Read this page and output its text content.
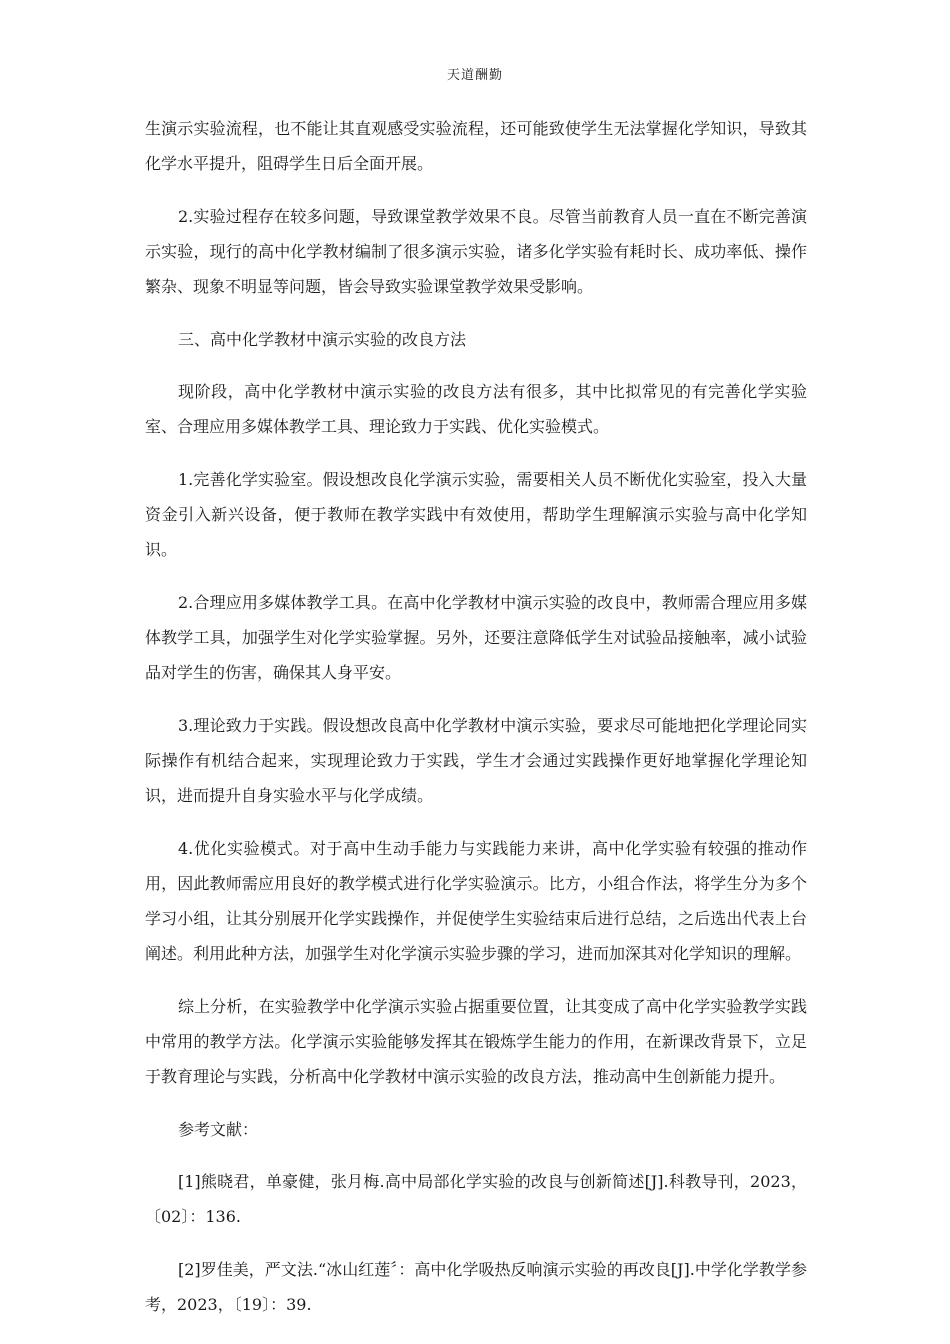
天道酬勤

生演示实验流程，也不能让其直观感受实验流程，还可能致使学生无法掌握化学知识，导致其化学水平提升，阻碍学生日后全面开展。

2.实验过程存在较多问题，导致课堂教学效果不良。尽管当前教育人员一直在不断完善演示实验，现行的高中化学教材编制了很多演示实验，诸多化学实验有耗时长、成功率低、操作繁杂、现象不明显等问题，皆会导致实验课堂教学效果受影响。

三、高中化学教材中演示实验的改良方法

现阶段，高中化学教材中演示实验的改良方法有很多，其中比拟常见的有完善化学实验室、合理应用多媒体教学工具、理论致力于实践、优化实验模式。

1.完善化学实验室。假设想改良化学演示实验，需要相关人员不断优化实验室，投入大量资金引入新兴设备，便于教师在教学实践中有效使用，帮助学生理解演示实验与高中化学知识。

2.合理应用多媒体教学工具。在高中化学教材中演示实验的改良中，教师需合理应用多媒体教学工具，加强学生对化学实验掌握。另外，还要注意降低学生对试验品接触率，减小试验品对学生的伤害，确保其人身平安。

3.理论致力于实践。假设想改良高中化学教材中演示实验，要求尽可能地把化学理论同实际操作有机结合起来，实现理论致力于实践，学生才会通过实践操作更好地掌握化学理论知识，进而提升自身实验水平与化学成绩。

4.优化实验模式。对于高中生动手能力与实践能力来讲，高中化学实验有较强的推动作用，因此教师需应用良好的教学模式进行化学实验演示。比方，小组合作法，将学生分为多个学习小组，让其分别展开化学实践操作，并促使学生实验结束后进行总结，之后选出代表上台阐述。利用此种方法，加强学生对化学演示实验步骤的学习，进而加深其对化学知识的理解。

综上分析，在实验教学中化学演示实验占据重要位置，让其变成了高中化学实验教学实践中常用的教学方法。化学演示实验能够发挥其在锻炼学生能力的作用，在新课改背景下，立足于教育理论与实践，分析高中化学教材中演示实验的改良方法，推动高中生创新能力提升。

参考文献：

[1]熊晓君，单豪健，张月梅.高中局部化学实验的改良与创新简述[J].科教导刊，2023，〔02〕：136.

[2]罗佳美，严文法.“冰山红莲〞：高中化学吸热反响演示实验的再改良[J].中学化学教学参考，2023，〔19〕：39.
